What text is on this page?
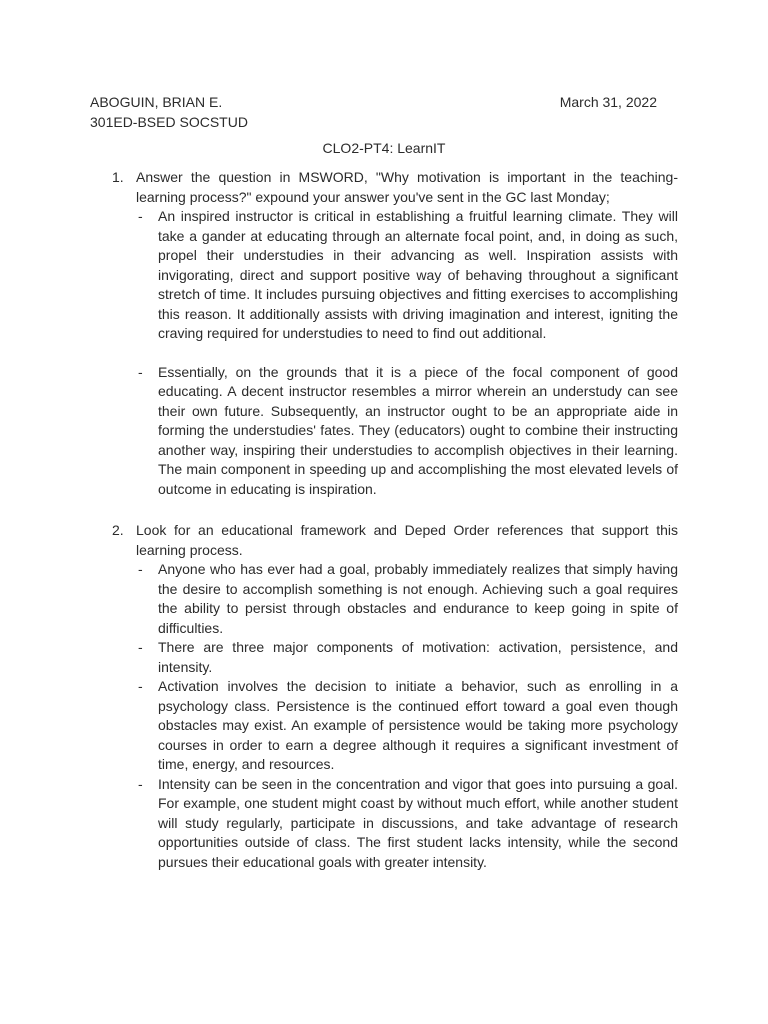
ABOGUIN, BRIAN E.	March 31, 2022
301ED-BSED SOCSTUD
CLO2-PT4: LearnIT
1. Answer the question in MSWORD, "Why motivation is important in the teaching-learning process?" expound your answer you've sent in the GC last Monday;
- An inspired instructor is critical in establishing a fruitful learning climate. They will take a gander at educating through an alternate focal point, and, in doing as such, propel their understudies in their advancing as well. Inspiration assists with invigorating, direct and support positive way of behaving throughout a significant stretch of time. It includes pursuing objectives and fitting exercises to accomplishing this reason. It additionally assists with driving imagination and interest, igniting the craving required for understudies to need to find out additional.
- Essentially, on the grounds that it is a piece of the focal component of good educating. A decent instructor resembles a mirror wherein an understudy can see their own future. Subsequently, an instructor ought to be an appropriate aide in forming the understudies' fates. They (educators) ought to combine their instructing another way, inspiring their understudies to accomplish objectives in their learning. The main component in speeding up and accomplishing the most elevated levels of outcome in educating is inspiration.
2. Look for an educational framework and Deped Order references that support this learning process.
- Anyone who has ever had a goal, probably immediately realizes that simply having the desire to accomplish something is not enough. Achieving such a goal requires the ability to persist through obstacles and endurance to keep going in spite of difficulties.
- There are three major components of motivation: activation, persistence, and intensity.
- Activation involves the decision to initiate a behavior, such as enrolling in a psychology class. Persistence is the continued effort toward a goal even though obstacles may exist. An example of persistence would be taking more psychology courses in order to earn a degree although it requires a significant investment of time, energy, and resources.
- Intensity can be seen in the concentration and vigor that goes into pursuing a goal. For example, one student might coast by without much effort, while another student will study regularly, participate in discussions, and take advantage of research opportunities outside of class. The first student lacks intensity, while the second pursues their educational goals with greater intensity.
